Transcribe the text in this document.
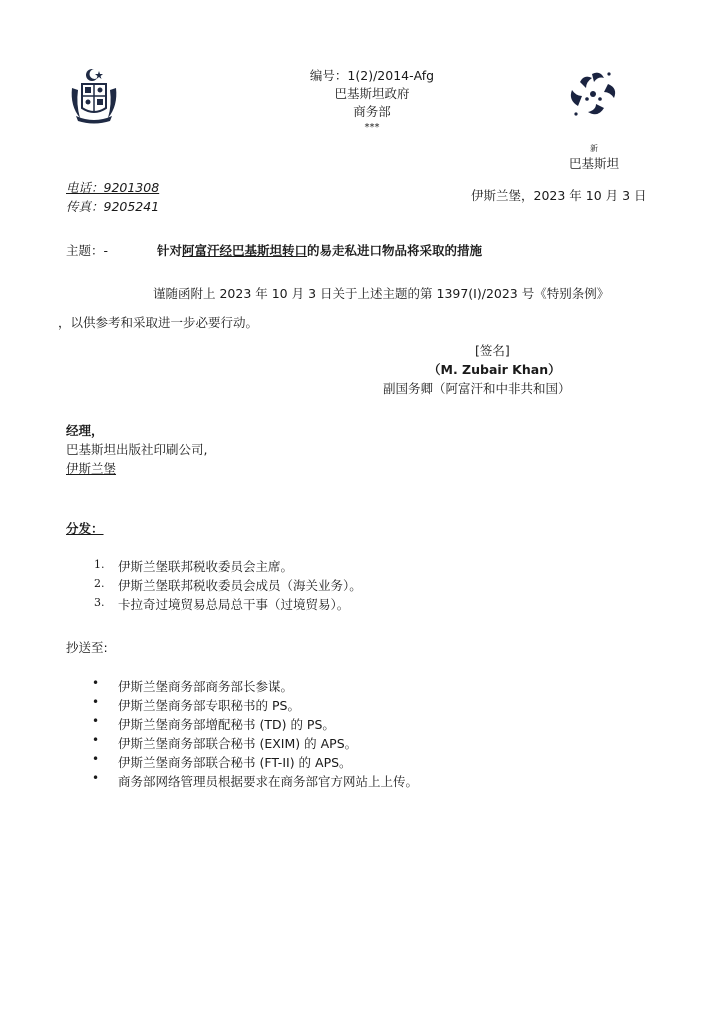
编号：1(2)/2014-Afg
巴基斯坦政府
商务部
***
新
巴基斯坦
电话：9201308
传真：9205241
伊斯兰堡，2023 年 10 月 3 日
主题：-	针对阿富汗经巴基斯坦转口的易走私进口物品将采取的措施
谨随函附上 2023 年 10 月 3 日关于上述主题的第 1397(I)/2023 号《特别条例》
，以供参考和采取进一步必要行动。
[签名]
（M. Zubair Khan）
副国务卿（阿富汗和中非共和国）
经理，
巴基斯坦出版社印刷公司,
伊斯兰堡
分发：
1. 伊斯兰堡联邦税收委员会主席。
2. 伊斯兰堡联邦税收委员会成员（海关业务）。
3. 卡拉奇过境贸易总局总干事（过境贸易）。
抄送至:
• 伊斯兰堡商务部商务部长参谋。
• 伊斯兰堡商务部专职秘书的 PS。
• 伊斯兰堡商务部增配秘书 (TD) 的 PS。
• 伊斯兰堡商务部联合秘书 (EXIM) 的 APS。
• 伊斯兰堡商务部联合秘书 (FT-II) 的 APS。
• 商务部网络管理员根据要求在商务部官方网站上上传。
